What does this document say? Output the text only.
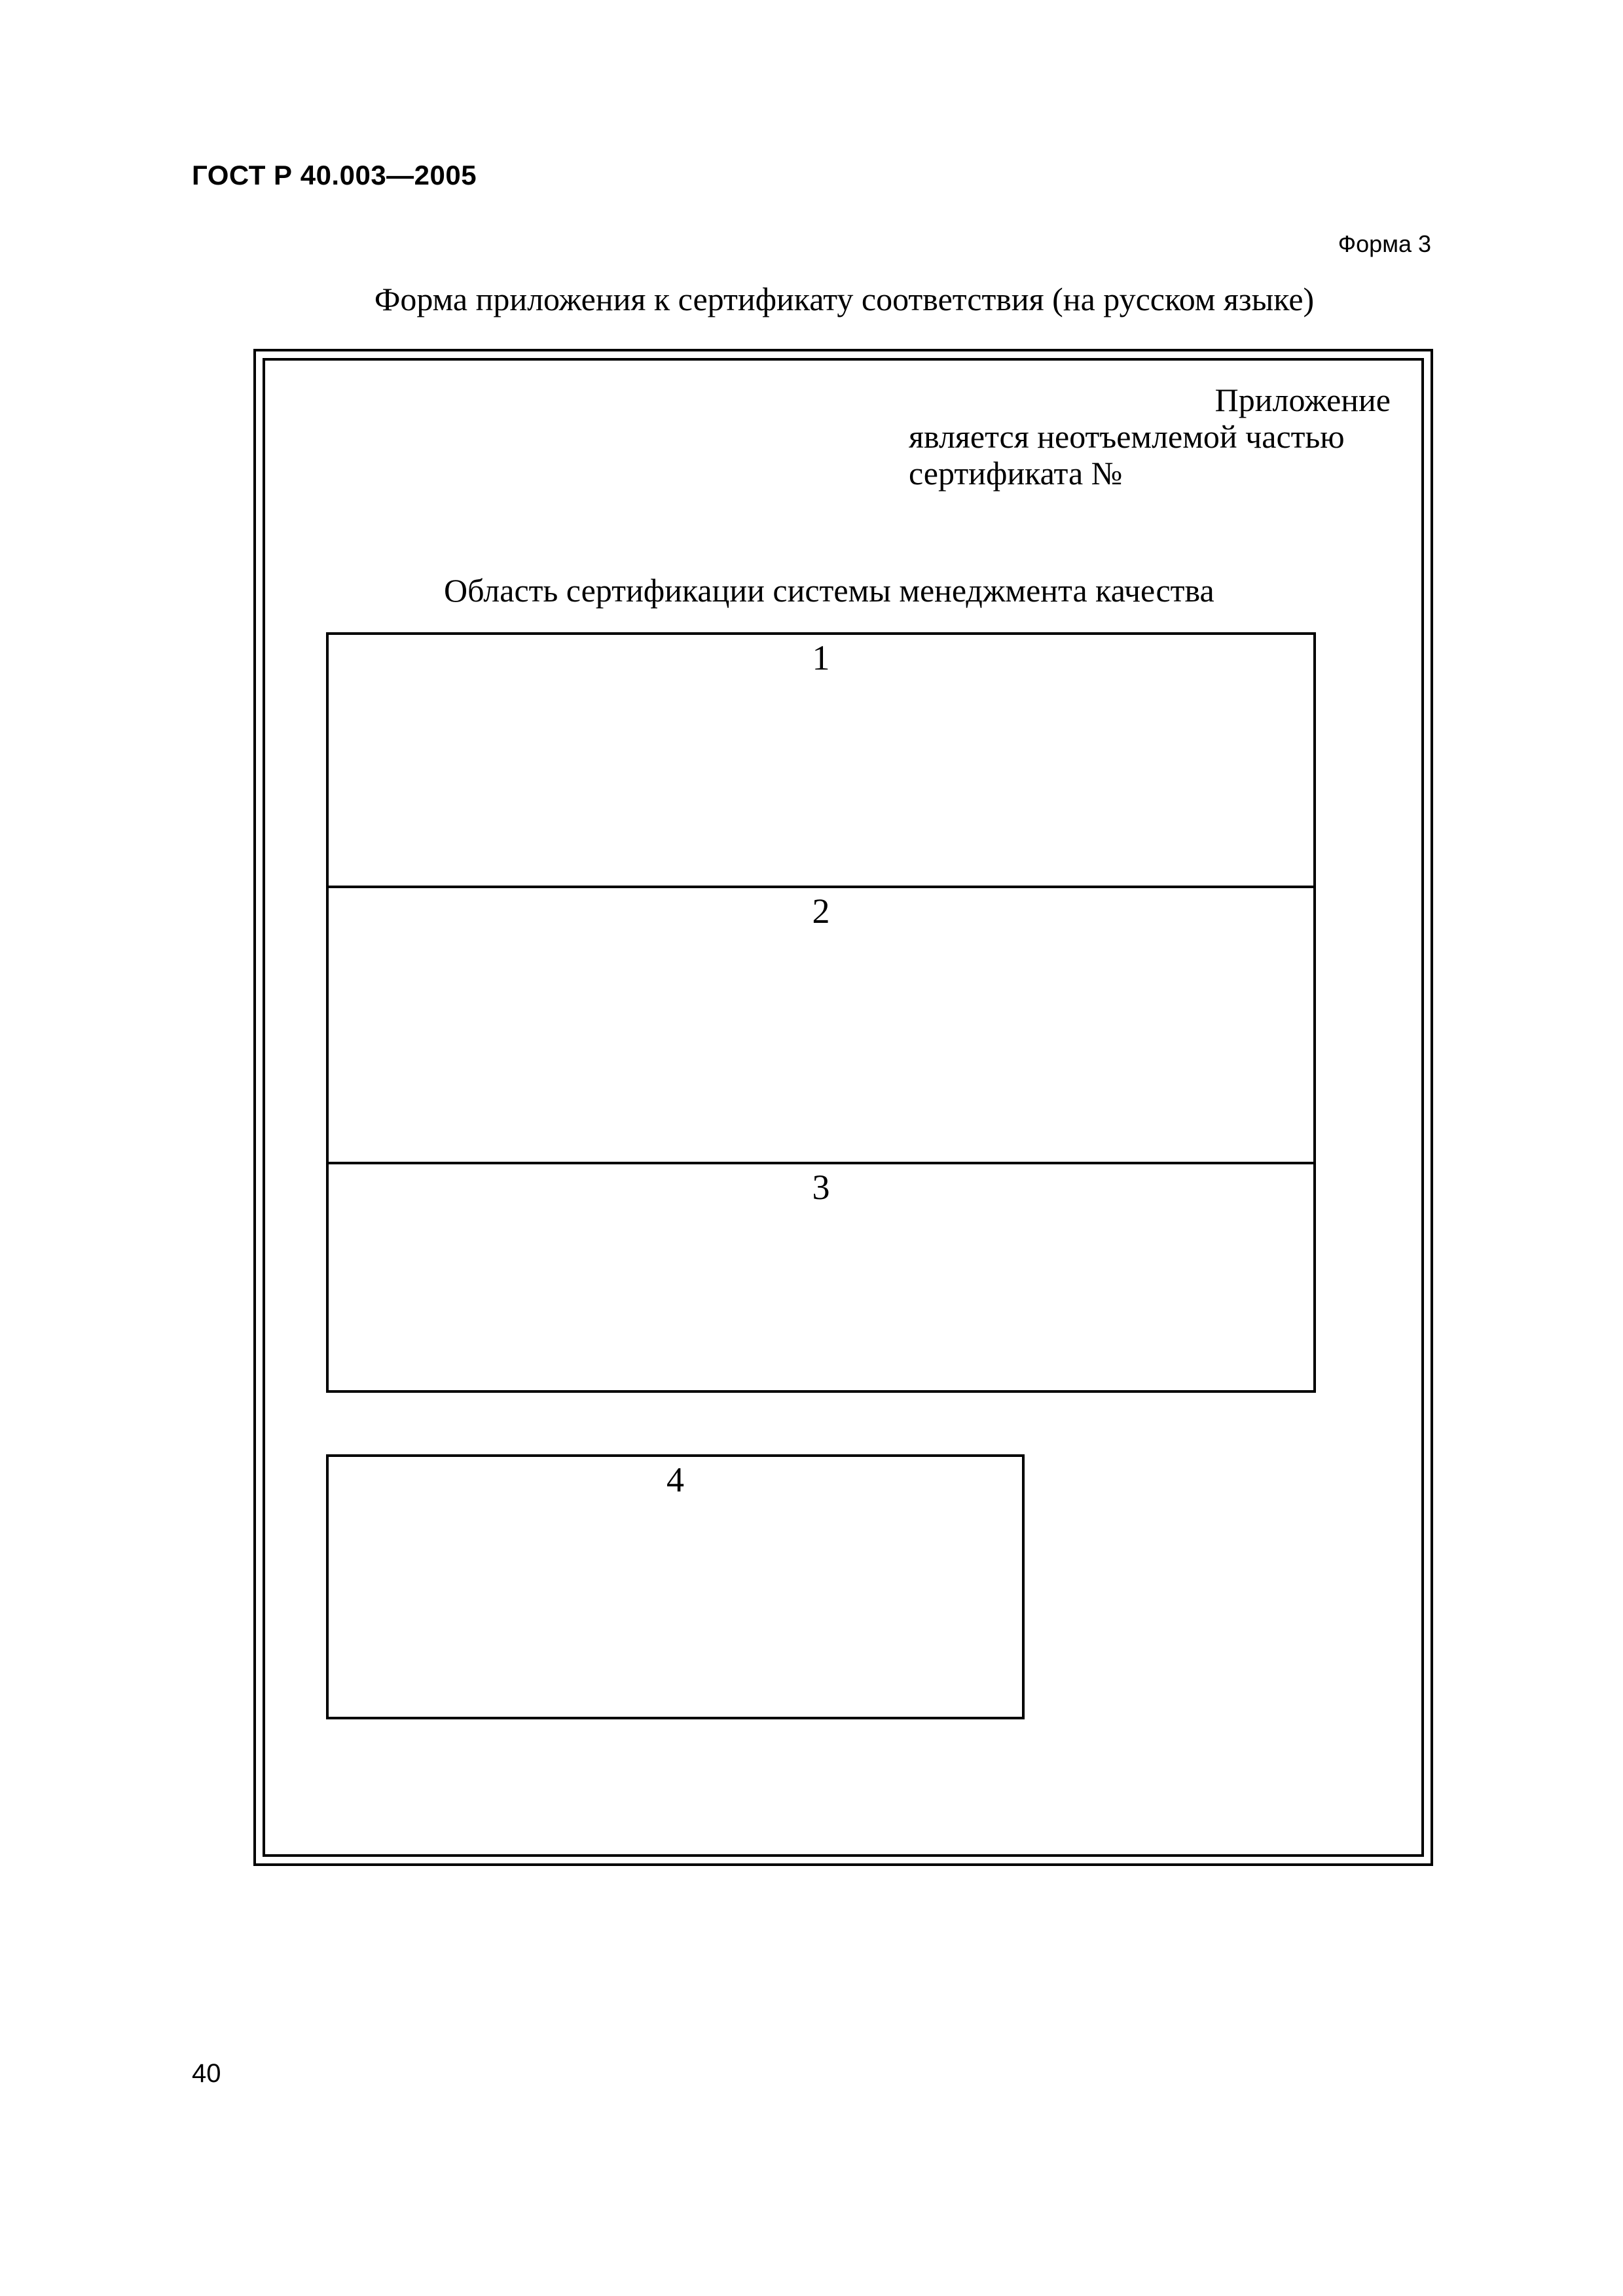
ГОСТ Р 40.003—2005
Форма 3
Форма приложения к сертификату соответствия (на русском языке)
Приложение
является неотъемлемой частью
сертификата №
Область сертификации системы менеджмента качества
1
2
3
4
40
